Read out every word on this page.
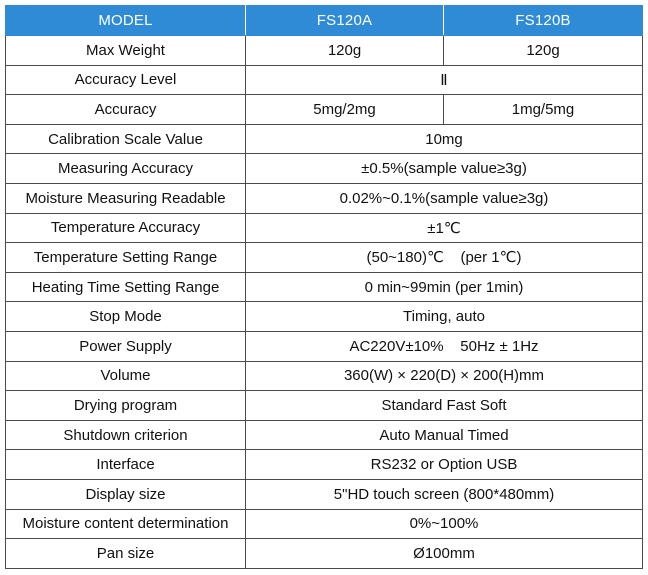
MODEL	FS120A	FS120B
Max Weight	120g	120g
Accuracy Level	Ⅱ	
Accuracy	5mg/2mg	1mg/5mg
Calibration Scale Value	10mg	
Measuring Accuracy	±0.5%(sample value≥3g)	
Moisture Measuring Readable	0.02%~0.1%(sample value≥3g)	
Temperature Accuracy	±1℃	
Temperature Setting Range	(50~180)℃    (per 1℃)	
Heating Time Setting Range	0 min~99min (per 1min)	
Stop Mode	Timing, auto	
Power Supply	AC220V±10%    50Hz ± 1Hz	
Volume	360(W) × 220(D) × 200(H)mm	
Drying program	Standard Fast Soft	
Shutdown criterion	Auto Manual Timed	
Interface	RS232 or Option USB	
Display size	5"HD touch screen (800*480mm)	
Moisture content determination	0%~100%	
Pan size	Ø100mm	
